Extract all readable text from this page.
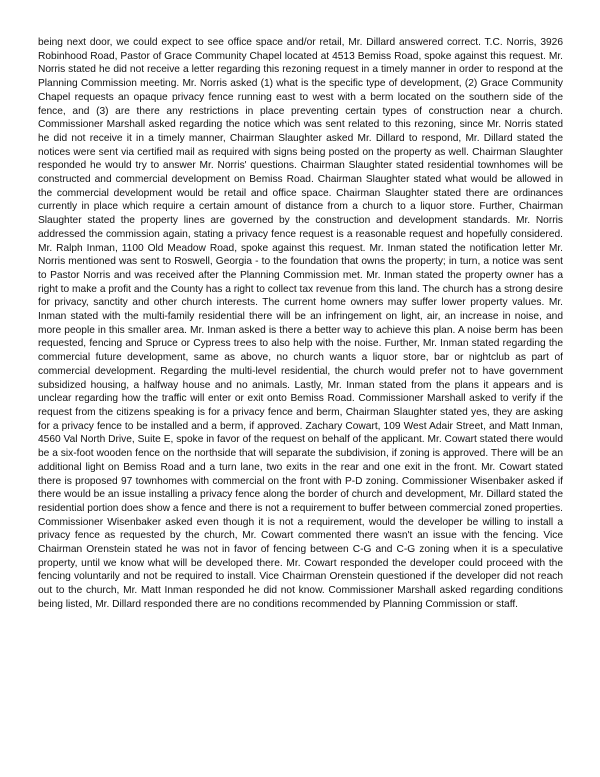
being next door, we could expect to see office space and/or retail, Mr. Dillard answered correct. T.C. Norris, 3926 Robinhood Road, Pastor of Grace Community Chapel located at 4513 Bemiss Road, spoke against this request. Mr. Norris stated he did not receive a letter regarding this rezoning request in a timely manner in order to respond at the Planning Commission meeting. Mr. Norris asked (1) what is the specific type of development, (2) Grace Community Chapel requests an opaque privacy fence running east to west with a berm located on the southern side of the fence, and (3) are there any restrictions in place preventing certain types of construction near a church. Commissioner Marshall asked regarding the notice which was sent related to this rezoning, since Mr. Norris stated he did not receive it in a timely manner, Chairman Slaughter asked Mr. Dillard to respond, Mr. Dillard stated the notices were sent via certified mail as required with signs being posted on the property as well. Chairman Slaughter responded he would try to answer Mr. Norris' questions. Chairman Slaughter stated residential townhomes will be constructed and commercial development on Bemiss Road. Chairman Slaughter stated what would be allowed in the commercial development would be retail and office space. Chairman Slaughter stated there are ordinances currently in place which require a certain amount of distance from a church to a liquor store. Further, Chairman Slaughter stated the property lines are governed by the construction and development standards. Mr. Norris addressed the commission again, stating a privacy fence request is a reasonable request and hopefully considered. Mr. Ralph Inman, 1100 Old Meadow Road, spoke against this request. Mr. Inman stated the notification letter Mr. Norris mentioned was sent to Roswell, Georgia - to the foundation that owns the property; in turn, a notice was sent to Pastor Norris and was received after the Planning Commission met. Mr. Inman stated the property owner has a right to make a profit and the County has a right to collect tax revenue from this land. The church has a strong desire for privacy, sanctity and other church interests. The current home owners may suffer lower property values. Mr. Inman stated with the multi-family residential there will be an infringement on light, air, an increase in noise, and more people in this smaller area. Mr. Inman asked is there a better way to achieve this plan. A noise berm has been requested, fencing and Spruce or Cypress trees to also help with the noise. Further, Mr. Inman stated regarding the commercial future development, same as above, no church wants a liquor store, bar or nightclub as part of commercial development. Regarding the multi-level residential, the church would prefer not to have government subsidized housing, a halfway house and no animals. Lastly, Mr. Inman stated from the plans it appears and is unclear regarding how the traffic will enter or exit onto Bemiss Road. Commissioner Marshall asked to verify if the request from the citizens speaking is for a privacy fence and berm, Chairman Slaughter stated yes, they are asking for a privacy fence to be installed and a berm, if approved. Zachary Cowart, 109 West Adair Street, and Matt Inman, 4560 Val North Drive, Suite E, spoke in favor of the request on behalf of the applicant. Mr. Cowart stated there would be a six-foot wooden fence on the northside that will separate the subdivision, if zoning is approved. There will be an additional light on Bemiss Road and a turn lane, two exits in the rear and one exit in the front. Mr. Cowart stated there is proposed 97 townhomes with commercial on the front with P-D zoning. Commissioner Wisenbaker asked if there would be an issue installing a privacy fence along the border of church and development, Mr. Dillard stated the residential portion does show a fence and there is not a requirement to buffer between commercial zoned properties. Commissioner Wisenbaker asked even though it is not a requirement, would the developer be willing to install a privacy fence as requested by the church, Mr. Cowart commented there wasn't an issue with the fencing. Vice Chairman Orenstein stated he was not in favor of fencing between C-G and C-G zoning when it is a speculative property, until we know what will be developed there. Mr. Cowart responded the developer could proceed with the fencing voluntarily and not be required to install. Vice Chairman Orenstein questioned if the developer did not reach out to the church, Mr. Matt Inman responded he did not know. Commissioner Marshall asked regarding conditions being listed, Mr. Dillard responded there are no conditions recommended by Planning Commission or staff.
